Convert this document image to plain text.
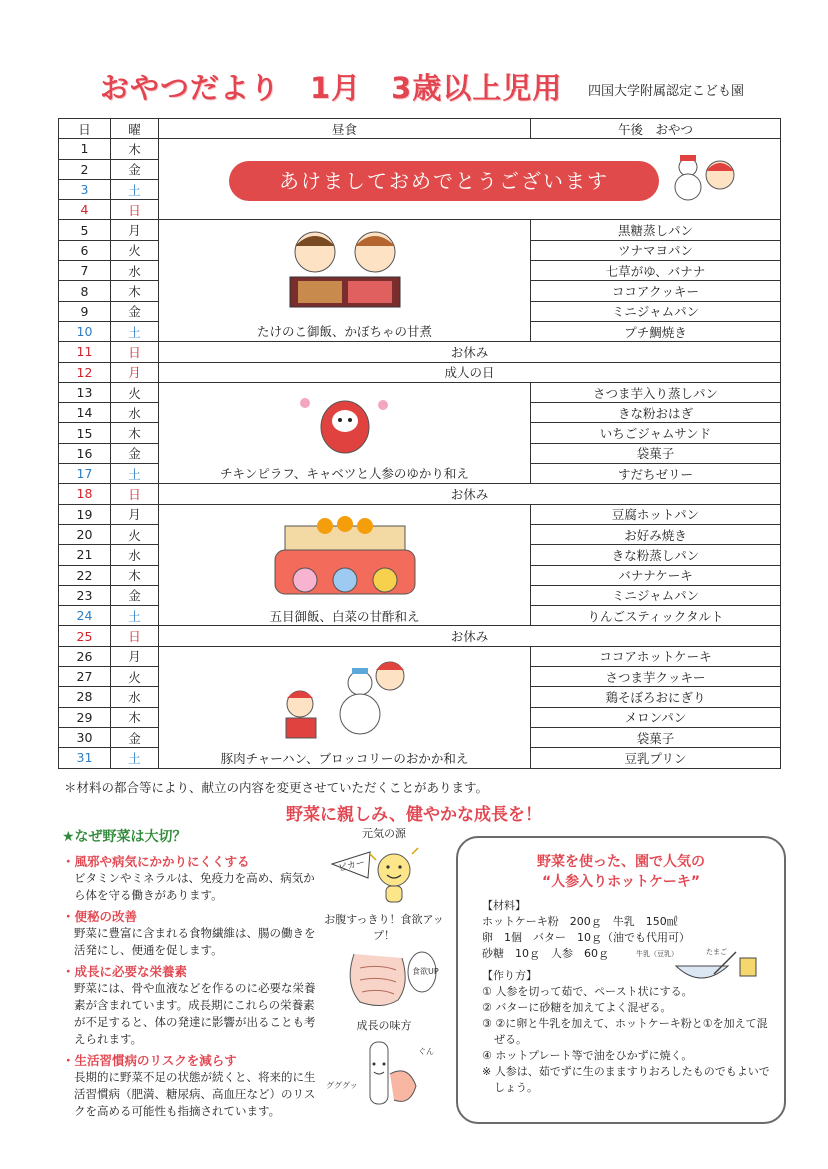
おやつだより　1月　3歳以上児用 四国大学附属認定こども園
日	曜	昼食	午後　おやつ
1	木	あけましておめでとうございます	

2	金		
3	土		
4	日		
5	月		黒糖蒸しパン
6	火		ツナマヨパン
7	水		七草がゆ、バナナ
8	木		ココアクッキー
9	金		ミニジャムパン
10	土	たけのこ御飯、かぼちゃの甘煮	プチ鯛焼き
11	日	お休み	
12	月	成人の日	
13	火		さつま芋入り蒸しパン
14	水		きな粉おはぎ
15	木		いちごジャムサンド
16	金		袋菓子
17	土	チキンピラフ、キャベツと人参のゆかり和え	すだちゼリー
18	日	お休み	
19	月		豆腐ホットパン
20	火		お好み焼き
21	水		きな粉蒸しパン
22	木		バナナケーキ
23	金		ミニジャムパン
24	土	五目御飯、白菜の甘酢和え	りんごスティックタルト
25	日	お休み	
26	月		ココアホットケーキ
27	火		さつま芋クッキー
28	水		鶏そぼろおにぎり
29	木		メロンパン
30	金		袋菓子
31	土	豚肉チャーハン、ブロッコリーのおかか和え	豆乳プリン
＊材料の都合等により、献立の内容を変更させていただくことがあります。
野菜に親しみ、健やかな成長を！
★なぜ野菜は大切？
・風邪や病気にかかりにくくする
ビタミンやミネラルは、免疫力を高め、病気から体を守る働きがあります。
・便秘の改善
野菜に豊富に含まれる食物繊維は、腸の働きを活発にし、便通を促します。
・成長に必要な栄養素
野菜には、骨や血液などを作るのに必要な栄養素が含まれています。成長期にこれらの栄養素が不足すると、体の発達に影響が出ることも考えられます。
・生活習慣病のリスクを減らす
長期的に野菜不足の状態が続くと、将来的に生活習慣病（肥満、糖尿病、高血圧など）のリスクを高める可能性も指摘されています。
元気の源
ピカー
お腹すっきり！食欲アップ！
食欲UP
成長の味方
グググッ
ぐん
野菜を使った、園で人気の
“人参入りホットケーキ”
【材料】
ホットケーキ粉　200ｇ　牛乳　150㎖
卵　1個　バター　10ｇ（油でも代用可）
砂糖　10ｇ　人参　60ｇ	牛乳（豆乳）	たまご
【作り方】
① 人参を切って茹で、ペースト状にする。
② バターに砂糖を加えてよく混ぜる。
③ ②に卵と牛乳を加えて、ホットケーキ粉と①を加えて混ぜる。
④ ホットプレート等で油をひかずに焼く。
※ 人参は、茹でずに生のまますりおろしたものでもよいでしょう。
